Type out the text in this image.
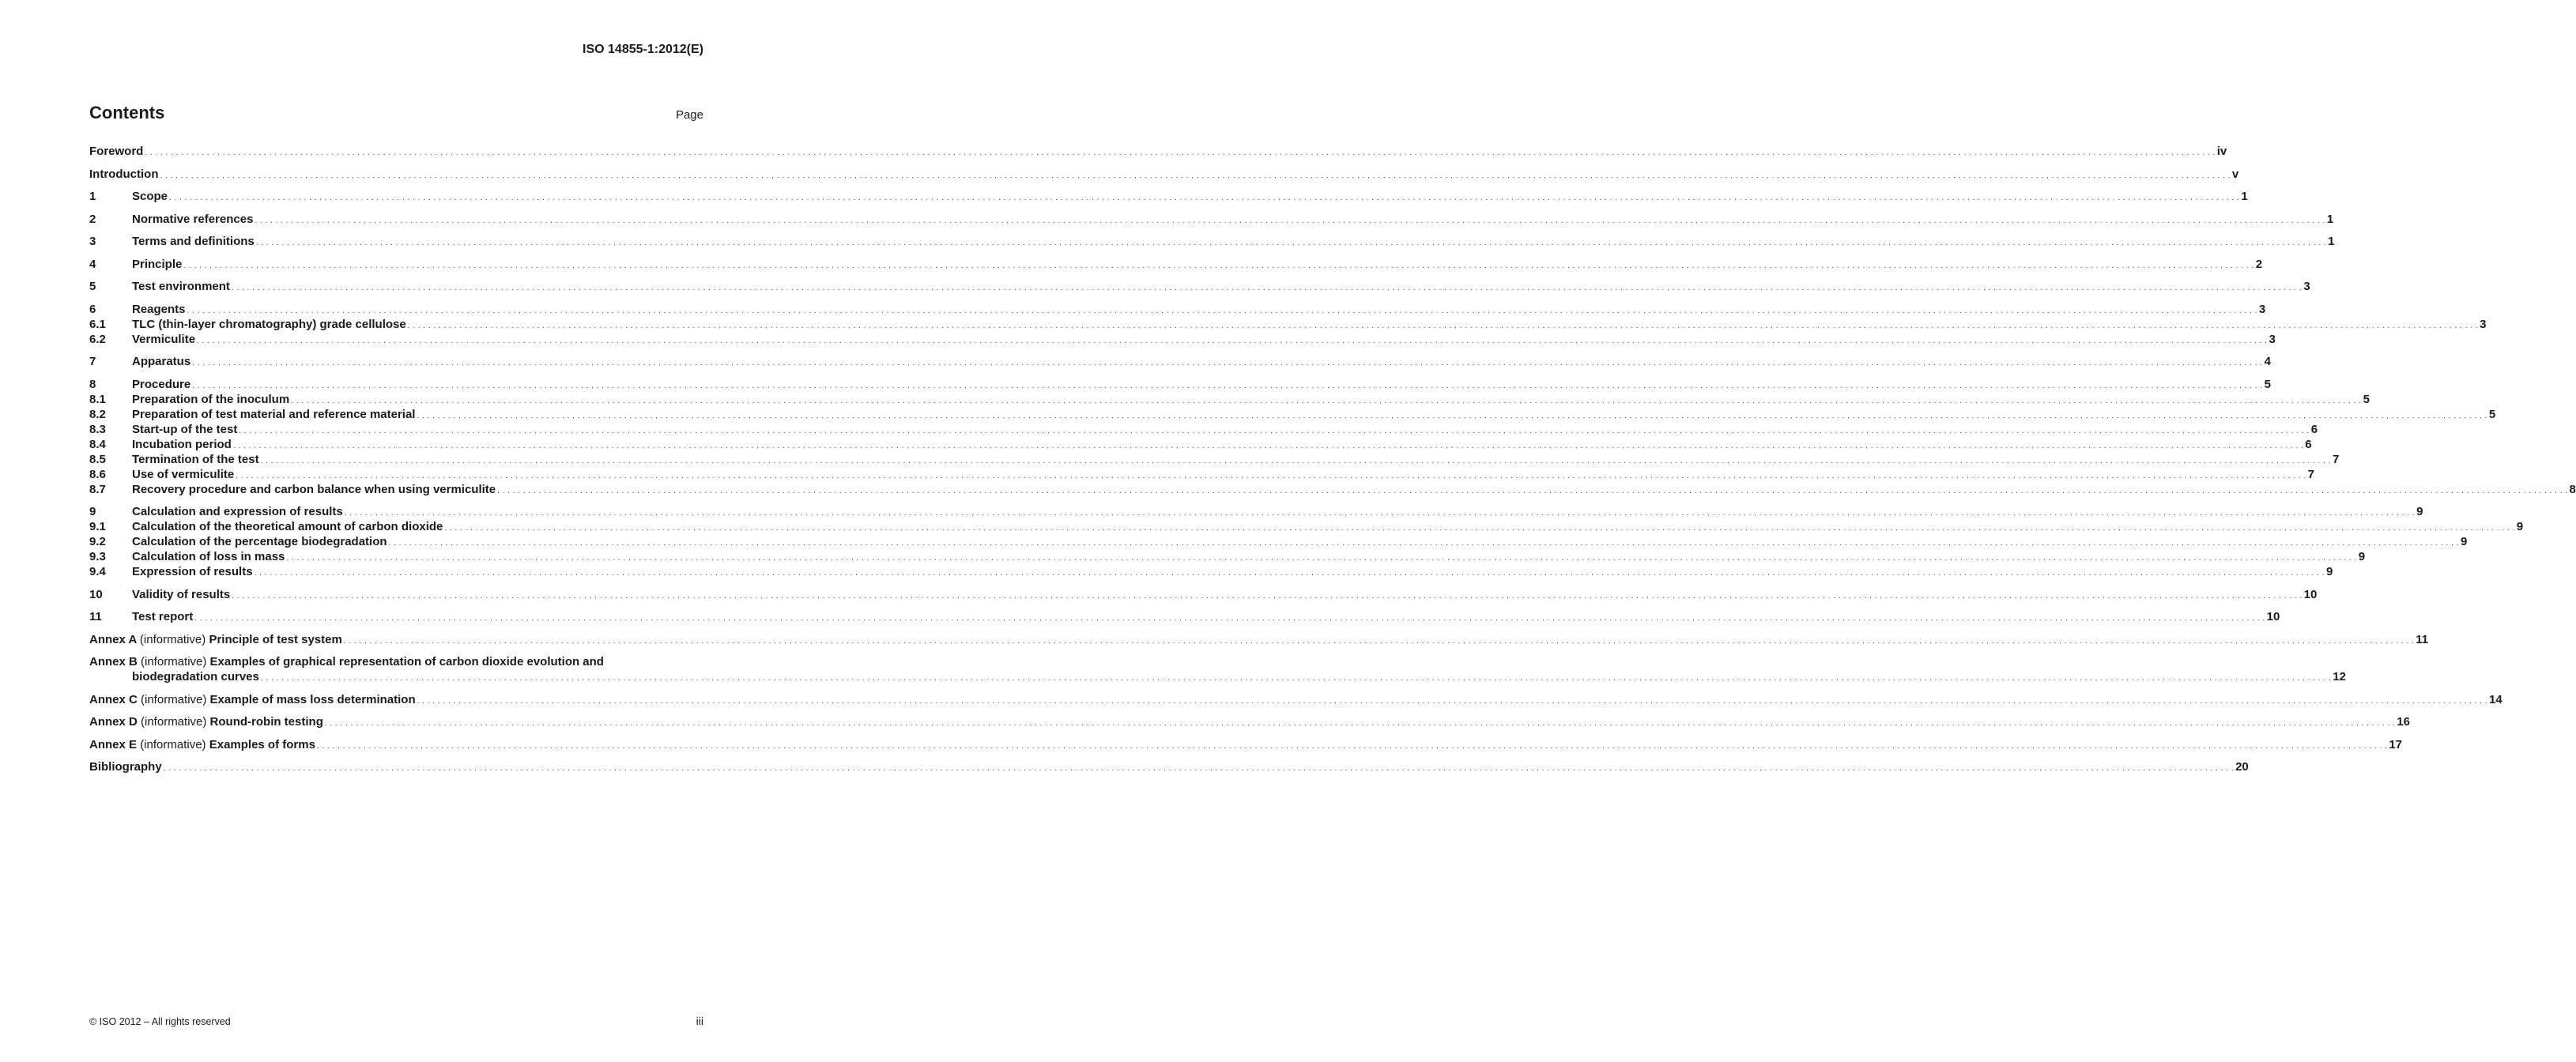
ISO 14855-1:2012(E)
Contents	Page
Foreword . . . . . . . . . . . . . . . . . . . . . . . . . . . . . . . . . . . . . . . . . . . . . . . . . . . . . . . . . . . . . . . . . . . . . . . . . . . . . . . . . . . . . . . . . . . . . . . . . . . . . . . . . . . . . . . . . . . . . . . . . . . . . . . . . . . . . . . . . . . . . . . . . . . . . . . . . . . . . . . . . . . . . . . . . . . . . . . . . . . . . . . . . . . . . . . . . . . . . . . . . . . . . . . . . . . . . . . . . . . . . . . . . . . . . . . . . . . . . . . . . . . . . . . . . . . . . . . . . . . . . . . . . . . . . . . . . . . . . . . . . . . . . . . . . . . . . . . . . . . . . . . . . . . . . . . . . . . . . . . . . . . . . . . . . . . . . . . . . . . . . . . . . . . . . . . . . . . . . . . . . . . . . . . . . . . . . . . . . . . . . . . . . . . . . . . . . . . . . . . . iv
Introduction . . . . . . . . . . . . . . . . . . . . . . . . . . . . . . . . . . . . . . . . . . . . . . . . . . . . . . . . . . . . . . . . . . . . . . . . . . . . . . . . . . . . . . . . . . . . . . . . . . . . . . . . . . . . . . . . . . . . . . . . . . . . . . . . . . . . . . . . . . . . . . . . . . . . . . . . . . . . . . . . . . . . . . . . . . . . . . . . . . . . . . . . . . . . . . . . . . . . . . . . . . . . . . . . . . . . . . . . . . . . . . . . . . . . . . . . . . . . . . . . . . . . . . . . . . . . . . . . . . . . . . . . . . . . . . . . . . . . . . . . . . . . . . . . . . . . . . . . . . . . . . . . . . . . . . . . . . . . . . . . . . . . . . . . . . . . . . . . . . . . . . . . . . . . . . . . . . . . . . . . . . . . . . . . . . . . . . . . . . . . . . . . . . . . . . . . . . . . . . . . v
1	Scope . . . . . . . . . . . . . . . . . . . . . . . . . . . . . . . . . . . . . . . . . . . . . . . . . . . . . . . . . . . . . . . . . . . . . . . . . . . . . . . . . . . . . . . . . . . . . . . . . . . . . . . . . . . . . . . . . . . . . . . . . . . . . . . . . . . . . . . . . . . . . . . . . . . . . . . . . . . . . . . . . . . . . . . . . . . . . . . . . . . . . . . . . . . . . . . . . . . . . . . . . . . . . . . . . . . . . . . . . . . . . . . . . . . . . . . . . . . . . . . . . . . . . . . . . . . . . . . . . . . . . . . . . . . . . . . . . . . . . . . . . . . . . . . . . . . . . . . . . . . . . . . . . . . . . . . . . . . . . . . . . . . . . . . . . . . . . . . . . . . . . . . . . . . . . . . . . . . . . . . . . . . . . . . . . . . . . . . . . . . . . . . . . . . . . . . . . . . . . . . . 1
2	Normative references . . . . . . . . . . . . . . . . . . . . . . . . . . . . . . . . . . . . . . . . . . . . . . . . . . . . . . . . . . . . . . . . . . . . . . . . . . . . . . . . . . . . . . . . . . . . . . . . . . . . . . . . . . . . . . . . . . . . . . . . . . . . . . . . . . . . . . . . . . . . . . . . . . . . . . . . . . . . . . . . . . . . . . . . . . . . . . . . . . . . . . . . . . . . . . . . . . . . . . . . . . . . . . . . . . . . . . . . . . . . . . . . . . . . . . . . . . . . . . . . . . . . . . . . . . . . . . . . . . . . . . . . . . . . . . . . . . . . . . . . . . . . . . . . . . . . . . . . . . . . . . . . . . . . . . . . . . . . . . . . . . . . . . . . . . . . . . . . . . . . . . . . . . . . . . . . . . . . . . . . . . . . . . . . . . . . . . . . . . . . . . . . . . . . . . . . . . . . . . . . 1
3	Terms and definitions . . . . . . . . . . . . . . . . . . . . . . . . . . . . . . . . . . . . . . . . . . . . . . . . . . . . . . . . . . . . . . . . . . . . . . . . . . . . . . . . . . . . . . . . . . . . . . . . . . . . . . . . . . . . . . . . . . . . . . . . . . . . . . . . . . . . . . . . . . . . . . . . . . . . . . . . . . . . . . . . . . . . . . . . . . . . . . . . . . . . . . . . . . . . . . . . . . . . . . . . . . . . . . . . . . . . . . . . . . . . . . . . . . . . . . . . . . . . . . . . . . . . . . . . . . . . . . . . . . . . . . . . . . . . . . . . . . . . . . . . . . . . . . . . . . . . . . . . . . . . . . . . . . . . . . . . . . . . . . . . . . . . . . . . . . . . . . . . . . . . . . . . . . . . . . . . . . . . . . . . . . . . . . . . . . . . . . . . . . . . . . . . . . . . . . . . . . . . . . . . 1
4	Principle . . . . . . . . . . . . . . . . . . . . . . . . . . . . . . . . . . . . . . . . . . . . . . . . . . . . . . . . . . . . . . . . . . . . . . . . . . . . . . . . . . . . . . . . . . . . . . . . . . . . . . . . . . . . . . . . . . . . . . . . . . . . . . . . . . . . . . . . . . . . . . . . . . . . . . . . . . . . . . . . . . . . . . . . . . . . . . . . . . . . . . . . . . . . . . . . . . . . . . . . . . . . . . . . . . . . . . . . . . . . . . . . . . . . . . . . . . . . . . . . . . . . . . . . . . . . . . . . . . . . . . . . . . . . . . . . . . . . . . . . . . . . . . . . . . . . . . . . . . . . . . . . . . . . . . . . . . . . . . . . . . . . . . . . . . . . . . . . . . . . . . . . . . . . . . . . . . . . . . . . . . . . . . . . . . . . . . . . . . . . . . . . . . . . . . . . . . . . . . . . 2
5	Test environment . . . . . . . . . . . . . . . . . . . . . . . . . . . . . . . . . . . . . . . . . . . . . . . . . . . . . . . . . . . . . . . . . . . . . . . . . . . . . . . . . . . . . . . . . . . . . . . . . . . . . . . . . . . . . . . . . . . . . . . . . . . . . . . . . . . . . . . . . . . . . . . . . . . . . . . . . . . . . . . . . . . . . . . . . . . . . . . . . . . . . . . . . . . . . . . . . . . . . . . . . . . . . . . . . . . . . . . . . . . . . . . . . . . . . . . . . . . . . . . . . . . . . . . . . . . . . . . . . . . . . . . . . . . . . . . . . . . . . . . . . . . . . . . . . . . . . . . . . . . . . . . . . . . . . . . . . . . . . . . . . . . . . . . . . . . . . . . . . . . . . . . . . . . . . . . . . . . . . . . . . . . . . . . . . . . . . . . . . . . . . . . . . . . . . . . . . . . . . . . . 3
6	Reagents . . . . . . . . . . . . . . . . . . . . . . . . . . . . . . . . . . . . . . . . . . . . . . . . . . . . . . . . . . . . . . . . . . . . . . . . . . . . . . . . . . . . . . . . . . . . . . . . . . . . . . . . . . . . . . . . . . . . . . . . . . . . . . . . . . . . . . . . . . . . . . . . . . . . . . . . . . . . . . . . . . . . . . . . . . . . . . . . . . . . . . . . . . . . . . . . . . . . . . . . . . . . . . . . . . . . . . . . . . . . . . . . . . . . . . . . . . . . . . . . . . . . . . . . . . . . . . . . . . . . . . . . . . . . . . . . . . . . . . . . . . . . . . . . . . . . . . . . . . . . . . . . . . . . . . . . . . . . . . . . . . . . . . . . . . . . . . . . . . . . . . . . . . . . . . . . . . . . . . . . . . . . . . . . . . . . . . . . . . . . . . . . . . . . . . . . . . . . . . . . 3
6.1	TLC (thin-layer chromatography) grade cellulose . . . . . . . . . . . . . . . . . . . . . . . . . . . . . . . . . . . . . . . . . . . . . . . . . . . . . . . . . . . . . . . . . . . . . . . . . . . . . . . . . . . . . . . . . . . . . . . . . . . . . . . . . . . . . . . . . . . . . . . . . . . . . . . . . . . . . . . . . . . . . . . . . . . . . . . . . . . . . . . . . . . . . . . . . . . . . . . . . . . . . . . . . . . . . . . . . . . . . . . . . . . . . . . . . . . . . . . . . . . . . . . . . . . . . . . . . . . . . . . . . . . . . . . . . . . . . . . . . . . . . . . . . . . . . . . . . . . . . . . . . . . . . . . . . . . . . . . . . . . . . . . . . . . . . . . . . . . . . . . . . . . . . . . . . . . . . . . . . . . . . . . . . . . . . . . . . . . . . . . . . . . . . . . . . . . . . . . . . . . . . . . . . . . . . . . . . . . . . . . . 3
6.2	Vermiculite . . . . . . . . . . . . . . . . . . . . . . . . . . . . . . . . . . . . . . . . . . . . . . . . . . . . . . . . . . . . . . . . . . . . . . . . . . . . . . . . . . . . . . . . . . . . . . . . . . . . . . . . . . . . . . . . . . . . . . . . . . . . . . . . . . . . . . . . . . . . . . . . . . . . . . . . . . . . . . . . . . . . . . . . . . . . . . . . . . . . . . . . . . . . . . . . . . . . . . . . . . . . . . . . . . . . . . . . . . . . . . . . . . . . . . . . . . . . . . . . . . . . . . . . . . . . . . . . . . . . . . . . . . . . . . . . . . . . . . . . . . . . . . . . . . . . . . . . . . . . . . . . . . . . . . . . . . . . . . . . . . . . . . . . . . . . . . . . . . . . . . . . . . . . . . . . . . . . . . . . . . . . . . . . . . . . . . . . . . . . . . . . . . . . . . . . . . . . . . . . 3
7	Apparatus . . . . . . . . . . . . . . . . . . . . . . . . . . . . . . . . . . . . . . . . . . . . . . . . . . . . . . . . . . . . . . . . . . . . . . . . . . . . . . . . . . . . . . . . . . . . . . . . . . . . . . . . . . . . . . . . . . . . . . . . . . . . . . . . . . . . . . . . . . . . . . . . . . . . . . . . . . . . . . . . . . . . . . . . . . . . . . . . . . . . . . . . . . . . . . . . . . . . . . . . . . . . . . . . . . . . . . . . . . . . . . . . . . . . . . . . . . . . . . . . . . . . . . . . . . . . . . . . . . . . . . . . . . . . . . . . . . . . . . . . . . . . . . . . . . . . . . . . . . . . . . . . . . . . . . . . . . . . . . . . . . . . . . . . . . . . . . . . . . . . . . . . . . . . . . . . . . . . . . . . . . . . . . . . . . . . . . . . . . . . . . . . . . . . . . . . . . . . . . . . 4
8	Procedure . . . . . . . . . . . . . . . . . . . . . . . . . . . . . . . . . . . . . . . . . . . . . . . . . . . . . . . . . . . . . . . . . . . . . . . . . . . . . . . . . . . . . . . . . . . . . . . . . . . . . . . . . . . . . . . . . . . . . . . . . . . . . . . . . . . . . . . . . . . . . . . . . . . . . . . . . . . . . . . . . . . . . . . . . . . . . . . . . . . . . . . . . . . . . . . . . . . . . . . . . . . . . . . . . . . . . . . . . . . . . . . . . . . . . . . . . . . . . . . . . . . . . . . . . . . . . . . . . . . . . . . . . . . . . . . . . . . . . . . . . . . . . . . . . . . . . . . . . . . . . . . . . . . . . . . . . . . . . . . . . . . . . . . . . . . . . . . . . . . . . . . . . . . . . . . . . . . . . . . . . . . . . . . . . . . . . . . . . . . . . . . . . . . . . . . . . . . . . . . . 5
8.1	Preparation of the inoculum . . . . . . . . . . . . . . . . . . . . . . . . . . . . . . . . . . . . . . . . . . . . . . . . . . . . . . . . . . . . . . . . . . . . . . . . . . . . . . . . . . . . . . . . . . . . . . . . . . . . . . . . . . . . . . . . . . . . . . . . . . . . . . . . . . . . . . . . . . . . . . . . . . . . . . . . . . . . . . . . . . . . . . . . . . . . . . . . . . . . . . . . . . . . . . . . . . . . . . . . . . . . . . . . . . . . . . . . . . . . . . . . . . . . . . . . . . . . . . . . . . . . . . . . . . . . . . . . . . . . . . . . . . . . . . . . . . . . . . . . . . . . . . . . . . . . . . . . . . . . . . . . . . . . . . . . . . . . . . . . . . . . . . . . . . . . . . . . . . . . . . . . . . . . . . . . . . . . . . . . . . . . . . . . . . . . . . . . . . . . . . . . . . . . . . . . . . . . . . . . 5
8.2	Preparation of test material and reference material . . . . . . . . . . . . . . . . . . . . . . . . . . . . . . . . . . . . . . . . . . . . . . . . . . . . . . . . . . . . . . . . . . . . . . . . . . . . . . . . . . . . . . . . . . . . . . . . . . . . . . . . . . . . . . . . . . . . . . . . . . . . . . . . . . . . . . . . . . . . . . . . . . . . . . . . . . . . . . . . . . . . . . . . . . . . . . . . . . . . . . . . . . . . . . . . . . . . . . . . . . . . . . . . . . . . . . . . . . . . . . . . . . . . . . . . . . . . . . . . . . . . . . . . . . . . . . . . . . . . . . . . . . . . . . . . . . . . . . . . . . . . . . . . . . . . . . . . . . . . . . . . . . . . . . . . . . . . . . . . . . . . . . . . . . . . . . . . . . . . . . . . . . . . . . . . . . . . . . . . . . . . . . . . . . . . . . . . . . . . . . . . . . . . . . . . . . . . . . . . 5
8.3	Start-up of the test . . . . . . . . . . . . . . . . . . . . . . . . . . . . . . . . . . . . . . . . . . . . . . . . . . . . . . . . . . . . . . . . . . . . . . . . . . . . . . . . . . . . . . . . . . . . . . . . . . . . . . . . . . . . . . . . . . . . . . . . . . . . . . . . . . . . . . . . . . . . . . . . . . . . . . . . . . . . . . . . . . . . . . . . . . . . . . . . . . . . . . . . . . . . . . . . . . . . . . . . . . . . . . . . . . . . . . . . . . . . . . . . . . . . . . . . . . . . . . . . . . . . . . . . . . . . . . . . . . . . . . . . . . . . . . . . . . . . . . . . . . . . . . . . . . . . . . . . . . . . . . . . . . . . . . . . . . . . . . . . . . . . . . . . . . . . . . . . . . . . . . . . . . . . . . . . . . . . . . . . . . . . . . . . . . . . . . . . . . . . . . . . . . . . . . . . . . . . . . . . 6
8.4	Incubation period . . . . . . . . . . . . . . . . . . . . . . . . . . . . . . . . . . . . . . . . . . . . . . . . . . . . . . . . . . . . . . . . . . . . . . . . . . . . . . . . . . . . . . . . . . . . . . . . . . . . . . . . . . . . . . . . . . . . . . . . . . . . . . . . . . . . . . . . . . . . . . . . . . . . . . . . . . . . . . . . . . . . . . . . . . . . . . . . . . . . . . . . . . . . . . . . . . . . . . . . . . . . . . . . . . . . . . . . . . . . . . . . . . . . . . . . . . . . . . . . . . . . . . . . . . . . . . . . . . . . . . . . . . . . . . . . . . . . . . . . . . . . . . . . . . . . . . . . . . . . . . . . . . . . . . . . . . . . . . . . . . . . . . . . . . . . . . . . . . . . . . . . . . . . . . . . . . . . . . . . . . . . . . . . . . . . . . . . . . . . . . . . . . . . . . . . . . . . . . . . 6
8.5	Termination of the test . . . . . . . . . . . . . . . . . . . . . . . . . . . . . . . . . . . . . . . . . . . . . . . . . . . . . . . . . . . . . . . . . . . . . . . . . . . . . . . . . . . . . . . . . . . . . . . . . . . . . . . . . . . . . . . . . . . . . . . . . . . . . . . . . . . . . . . . . . . . . . . . . . . . . . . . . . . . . . . . . . . . . . . . . . . . . . . . . . . . . . . . . . . . . . . . . . . . . . . . . . . . . . . . . . . . . . . . . . . . . . . . . . . . . . . . . . . . . . . . . . . . . . . . . . . . . . . . . . . . . . . . . . . . . . . . . . . . . . . . . . . . . . . . . . . . . . . . . . . . . . . . . . . . . . . . . . . . . . . . . . . . . . . . . . . . . . . . . . . . . . . . . . . . . . . . . . . . . . . . . . . . . . . . . . . . . . . . . . . . . . . . . . . . . . . . . . . . . . . . 7
8.6	Use of vermiculite . . . . . . . . . . . . . . . . . . . . . . . . . . . . . . . . . . . . . . . . . . . . . . . . . . . . . . . . . . . . . . . . . . . . . . . . . . . . . . . . . . . . . . . . . . . . . . . . . . . . . . . . . . . . . . . . . . . . . . . . . . . . . . . . . . . . . . . . . . . . . . . . . . . . . . . . . . . . . . . . . . . . . . . . . . . . . . . . . . . . . . . . . . . . . . . . . . . . . . . . . . . . . . . . . . . . . . . . . . . . . . . . . . . . . . . . . . . . . . . . . . . . . . . . . . . . . . . . . . . . . . . . . . . . . . . . . . . . . . . . . . . . . . . . . . . . . . . . . . . . . . . . . . . . . . . . . . . . . . . . . . . . . . . . . . . . . . . . . . . . . . . . . . . . . . . . . . . . . . . . . . . . . . . . . . . . . . . . . . . . . . . . . . . . . . . . . . . . . . . . 7
8.7	Recovery procedure and carbon balance when using vermiculite . . . . . . . . . . . . . . . . . . . . . . . . . . . . . . . . . . . . . . . . . . . . . . . . . . . . . . . . . . . . . . . . . . . . . . . . . . . . . . . . . . . . . . . . . . . . . . . . . . . . . . . . . . . . . . . . . . . . . . . . . . . . . . . . . . . . . . . . . . . . . . . . . . . . . . . . . . . . . . . . . . . . . . . . . . . . . . . . . . . . . . . . . . . . . . . . . . . . . . . . . . . . . . . . . . . . . . . . . . . . . . . . . . . . . . . . . . . . . . . . . . . . . . . . . . . . . . . . . . . . . . . . . . . . . . . . . . . . . . . . . . . . . . . . . . . . . . . . . . . . . . . . . . . . . . . . . . . . . . . . . . . . . . . . . . . . . . . . . . . . . . . . . . . . . . . . . . . . . . . . . . . . . . . . . . . . . . . . . . . . . . . . . . . . . . . . . . . . . . . . 8
9	Calculation and expression of results . . . . . . . . . . . . . . . . . . . . . . . . . . . . . . . . . . . . . . . . . . . . . . . . . . . . . . . . . . . . . . . . . . . . . . . . . . . . . . . . . . . . . . . . . . . . . . . . . . . . . . . . . . . . . . . . . . . . . . . . . . . . . . . . . . . . . . . . . . . . . . . . . . . . . . . . . . . . . . . . . . . . . . . . . . . . . . . . . . . . . . . . . . . . . . . . . . . . . . . . . . . . . . . . . . . . . . . . . . . . . . . . . . . . . . . . . . . . . . . . . . . . . . . . . . . . . . . . . . . . . . . . . . . . . . . . . . . . . . . . . . . . . . . . . . . . . . . . . . . . . . . . . . . . . . . . . . . . . . . . . . . . . . . . . . . . . . . . . . . . . . . . . . . . . . . . . . . . . . . . . . . . . . . . . . . . . . . . . . . . . . . . . . . . . . . . . . . . . . . . 9
9.1	Calculation of the theoretical amount of carbon dioxide . . . . . . . . . . . . . . . . . . . . . . . . . . . . . . . . . . . . . . . . . . . . . . . . . . . . . . . . . . . . . . . . . . . . . . . . . . . . . . . . . . . . . . . . . . . . . . . . . . . . . . . . . . . . . . . . . . . . . . . . . . . . . . . . . . . . . . . . . . . . . . . . . . . . . . . . . . . . . . . . . . . . . . . . . . . . . . . . . . . . . . . . . . . . . . . . . . . . . . . . . . . . . . . . . . . . . . . . . . . . . . . . . . . . . . . . . . . . . . . . . . . . . . . . . . . . . . . . . . . . . . . . . . . . . . . . . . . . . . . . . . . . . . . . . . . . . . . . . . . . . . . . . . . . . . . . . . . . . . . . . . . . . . . . . . . . . . . . . . . . . . . . . . . . . . . . . . . . . . . . . . . . . . . . . . . . . . . . . . . . . . . . . . . . . . . . . . . . . . . . 9
9.2	Calculation of the percentage biodegradation . . . . . . . . . . . . . . . . . . . . . . . . . . . . . . . . . . . . . . . . . . . . . . . . . . . . . . . . . . . . . . . . . . . . . . . . . . . . . . . . . . . . . . . . . . . . . . . . . . . . . . . . . . . . . . . . . . . . . . . . . . . . . . . . . . . . . . . . . . . . . . . . . . . . . . . . . . . . . . . . . . . . . . . . . . . . . . . . . . . . . . . . . . . . . . . . . . . . . . . . . . . . . . . . . . . . . . . . . . . . . . . . . . . . . . . . . . . . . . . . . . . . . . . . . . . . . . . . . . . . . . . . . . . . . . . . . . . . . . . . . . . . . . . . . . . . . . . . . . . . . . . . . . . . . . . . . . . . . . . . . . . . . . . . . . . . . . . . . . . . . . . . . . . . . . . . . . . . . . . . . . . . . . . . . . . . . . . . . . . . . . . . . . . . . . . . . . . . . . . . 9
9.3	Calculation of loss in mass . . . . . . . . . . . . . . . . . . . . . . . . . . . . . . . . . . . . . . . . . . . . . . . . . . . . . . . . . . . . . . . . . . . . . . . . . . . . . . . . . . . . . . . . . . . . . . . . . . . . . . . . . . . . . . . . . . . . . . . . . . . . . . . . . . . . . . . . . . . . . . . . . . . . . . . . . . . . . . . . . . . . . . . . . . . . . . . . . . . . . . . . . . . . . . . . . . . . . . . . . . . . . . . . . . . . . . . . . . . . . . . . . . . . . . . . . . . . . . . . . . . . . . . . . . . . . . . . . . . . . . . . . . . . . . . . . . . . . . . . . . . . . . . . . . . . . . . . . . . . . . . . . . . . . . . . . . . . . . . . . . . . . . . . . . . . . . . . . . . . . . . . . . . . . . . . . . . . . . . . . . . . . . . . . . . . . . . . . . . . . . . . . . . . . . . . . . . . . . . . 9
9.4	Expression of results . . . . . . . . . . . . . . . . . . . . . . . . . . . . . . . . . . . . . . . . . . . . . . . . . . . . . . . . . . . . . . . . . . . . . . . . . . . . . . . . . . . . . . . . . . . . . . . . . . . . . . . . . . . . . . . . . . . . . . . . . . . . . . . . . . . . . . . . . . . . . . . . . . . . . . . . . . . . . . . . . . . . . . . . . . . . . . . . . . . . . . . . . . . . . . . . . . . . . . . . . . . . . . . . . . . . . . . . . . . . . . . . . . . . . . . . . . . . . . . . . . . . . . . . . . . . . . . . . . . . . . . . . . . . . . . . . . . . . . . . . . . . . . . . . . . . . . . . . . . . . . . . . . . . . . . . . . . . . . . . . . . . . . . . . . . . . . . . . . . . . . . . . . . . . . . . . . . . . . . . . . . . . . . . . . . . . . . . . . . . . . . . . . . . . . . . . . . . . . . . 9
10	Validity of results . . . . . . . . . . . . . . . . . . . . . . . . . . . . . . . . . . . . . . . . . . . . . . . . . . . . . . . . . . . . . . . . . . . . . . . . . . . . . . . . . . . . . . . . . . . . . . . . . . . . . . . . . . . . . . . . . . . . . . . . . . . . . . . . . . . . . . . . . . . . . . . . . . . . . . . . . . . . . . . . . . . . . . . . . . . . . . . . . . . . . . . . . . . . . . . . . . . . . . . . . . . . . . . . . . . . . . . . . . . . . . . . . . . . . . . . . . . . . . . . . . . . . . . . . . . . . . . . . . . . . . . . . . . . . . . . . . . . . . . . . . . . . . . . . . . . . . . . . . . . . . . . . . . . . . . . . . . . . . . . . . . . . . . . . . . . . . . . . . . . . . . . . . . . . . . . . . . . . . . . . . . . . . . . . . . . . . . . . . . . . . . . . . . . . . . . . . . . . . . . 10
11	Test report . . . . . . . . . . . . . . . . . . . . . . . . . . . . . . . . . . . . . . . . . . . . . . . . . . . . . . . . . . . . . . . . . . . . . . . . . . . . . . . . . . . . . . . . . . . . . . . . . . . . . . . . . . . . . . . . . . . . . . . . . . . . . . . . . . . . . . . . . . . . . . . . . . . . . . . . . . . . . . . . . . . . . . . . . . . . . . . . . . . . . . . . . . . . . . . . . . . . . . . . . . . . . . . . . . . . . . . . . . . . . . . . . . . . . . . . . . . . . . . . . . . . . . . . . . . . . . . . . . . . . . . . . . . . . . . . . . . . . . . . . . . . . . . . . . . . . . . . . . . . . . . . . . . . . . . . . . . . . . . . . . . . . . . . . . . . . . . . . . . . . . . . . . . . . . . . . . . . . . . . . . . . . . . . . . . . . . . . . . . . . . . . . . . . . . . . . . . . . . . . 10
Annex A (informative) Principle of test system . . . . . . . . . . . . . . . . . . . . . . . . . . . . . . . . . . . . . . . . . . . . . . . . . . . . . . . . . . . . . . . . . . . . . . . . . . . . . . . . . . . . . . . . . . . . . . . . . . . . . . . . . . . . . . . . . . . . . . . . . . . . . . . . . . . . . . . . . . . . . . . . . . . . . . . . . . . . . . . . . . . . . . . . . . . . . . . . . . . . . . . . . . . . . . . . . . . . . . . . . . . . . . . . . . . . . . . . . . . . . . . . . . . . . . . . . . . . . . . . . . . . . . . . . . . . . . . . . . . . . . . . . . . . . . . . . . . . . . . . . . . . . . . . . . . . . . . . . . . . . . . . . . . . . . . . . . . . . . . . . . . . . . . . . . . . . . . . . . . . . . . . . . . . . . . . . . . . . . . . . . . . . . . . . . . . . . . . . . . . . . . . . . . . . . . . . . . . . . . . 11
Annex B (informative) Examples of graphical representation of carbon dioxide evolution and
biodegradation curves . . . . . . . . . . . . . . . . . . . . . . . . . . . . . . . . . . . . . . . . . . . . . . . . . . . . . . . . . . . . . . . . . . . . . . . . . . . . . . . . . . . . . . . . . . . . . . . . . . . . . . . . . . . . . . . . . . . . . . . . . . . . . . . . . . . . . . . . . . . . . . . . . . . . . . . . . . . . . . . . . . . . . . . . . . . . . . . . . . . . . . . . . . . . . . . . . . . . . . . . . . . . . . . . . . . . . . . . . . . . . . . . . . . . . . . . . . . . . . . . . . . . . . . . . . . . . . . . . . . . . . . . . . . . . . . . . . . . . . . . . . . . . . . . . . . . . . . . . . . . . . . . . . . . . . . . . . . . . . . . . . . . . . . . . . . . . . . . . . . . . . . . . . . . . . . . . . . . . . . . . . . . . . . . . . . . . . . . . . . . . . . . . . . . . . . . . . . . . . . . 12
Annex C (informative) Example of mass loss determination . . . . . . . . . . . . . . . . . . . . . . . . . . . . . . . . . . . . . . . . . . . . . . . . . . . . . . . . . . . . . . . . . . . . . . . . . . . . . . . . . . . . . . . . . . . . . . . . . . . . . . . . . . . . . . . . . . . . . . . . . . . . . . . . . . . . . . . . . . . . . . . . . . . . . . . . . . . . . . . . . . . . . . . . . . . . . . . . . . . . . . . . . . . . . . . . . . . . . . . . . . . . . . . . . . . . . . . . . . . . . . . . . . . . . . . . . . . . . . . . . . . . . . . . . . . . . . . . . . . . . . . . . . . . . . . . . . . . . . . . . . . . . . . . . . . . . . . . . . . . . . . . . . . . . . . . . . . . . . . . . . . . . . . . . . . . . . . . . . . . . . . . . . . . . . . . . . . . . . . . . . . . . . . . . . . . . . . . . . . . . . . . . . . . . . . . . . . . . . . . 14
Annex D (informative) Round-robin testing . . . . . . . . . . . . . . . . . . . . . . . . . . . . . . . . . . . . . . . . . . . . . . . . . . . . . . . . . . . . . . . . . . . . . . . . . . . . . . . . . . . . . . . . . . . . . . . . . . . . . . . . . . . . . . . . . . . . . . . . . . . . . . . . . . . . . . . . . . . . . . . . . . . . . . . . . . . . . . . . . . . . . . . . . . . . . . . . . . . . . . . . . . . . . . . . . . . . . . . . . . . . . . . . . . . . . . . . . . . . . . . . . . . . . . . . . . . . . . . . . . . . . . . . . . . . . . . . . . . . . . . . . . . . . . . . . . . . . . . . . . . . . . . . . . . . . . . . . . . . . . . . . . . . . . . . . . . . . . . . . . . . . . . . . . . . . . . . . . . . . . . . . . . . . . . . . . . . . . . . . . . . . . . . . . . . . . . . . . . . . . . . . . . . . . . . . . . . . . . . 16
Annex E (informative) Examples of forms . . . . . . . . . . . . . . . . . . . . . . . . . . . . . . . . . . . . . . . . . . . . . . . . . . . . . . . . . . . . . . . . . . . . . . . . . . . . . . . . . . . . . . . . . . . . . . . . . . . . . . . . . . . . . . . . . . . . . . . . . . . . . . . . . . . . . . . . . . . . . . . . . . . . . . . . . . . . . . . . . . . . . . . . . . . . . . . . . . . . . . . . . . . . . . . . . . . . . . . . . . . . . . . . . . . . . . . . . . . . . . . . . . . . . . . . . . . . . . . . . . . . . . . . . . . . . . . . . . . . . . . . . . . . . . . . . . . . . . . . . . . . . . . . . . . . . . . . . . . . . . . . . . . . . . . . . . . . . . . . . . . . . . . . . . . . . . . . . . . . . . . . . . . . . . . . . . . . . . . . . . . . . . . . . . . . . . . . . . . . . . . . . . . . . . . . . . . . . . . . 17
Bibliography . . . . . . . . . . . . . . . . . . . . . . . . . . . . . . . . . . . . . . . . . . . . . . . . . . . . . . . . . . . . . . . . . . . . . . . . . . . . . . . . . . . . . . . . . . . . . . . . . . . . . . . . . . . . . . . . . . . . . . . . . . . . . . . . . . . . . . . . . . . . . . . . . . . . . . . . . . . . . . . . . . . . . . . . . . . . . . . . . . . . . . . . . . . . . . . . . . . . . . . . . . . . . . . . . . . . . . . . . . . . . . . . . . . . . . . . . . . . . . . . . . . . . . . . . . . . . . . . . . . . . . . . . . . . . . . . . . . . . . . . . . . . . . . . . . . . . . . . . . . . . . . . . . . . . . . . . . . . . . . . . . . . . . . . . . . . . . . . . . . . . . . . . . . . . . . . . . . . . . . . . . . . . . . . . . . . . . . . . . . . . . . . . . . . . . . . . . . . . . . . 20
© ISO 2012 – All rights reserved	iii
